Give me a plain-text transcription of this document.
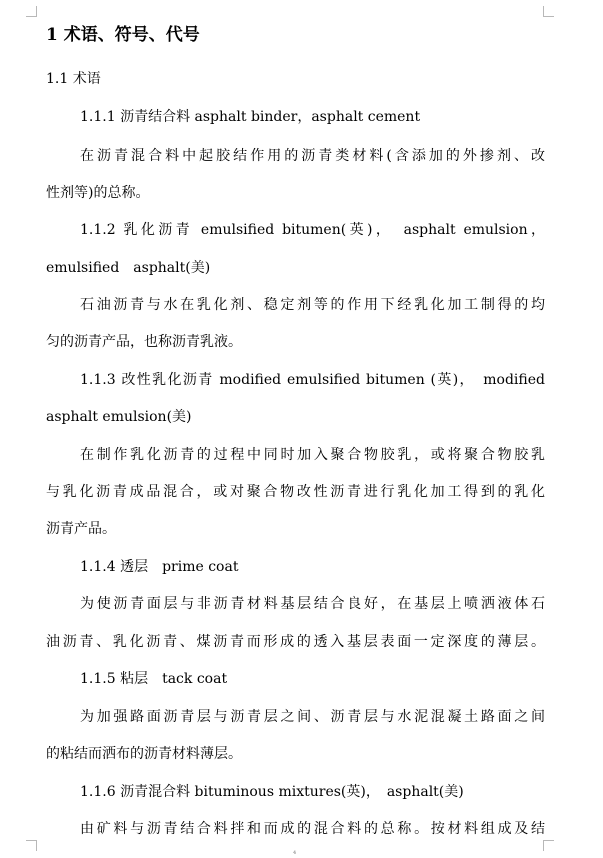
1 术语、符号、代号
1.1 术语
1.1.1 沥青结合料 asphalt binder，asphalt cement
在沥青混合料中起胶结作用的沥青类材料(含添加的外掺剂、改
性剂等)的总称。
1.1.2 乳化沥青 emulsified bitumen(英)，　asphalt emulsion，
emulsified　asphalt(美)
石油沥青与水在乳化剂、稳定剂等的作用下经乳化加工制得的均
匀的沥青产品，也称沥青乳液。
1.1.3 改性乳化沥青 modified emulsified bitumen (英)，　modified
asphalt emulsion(美)
在制作乳化沥青的过程中同时加入聚合物胶乳，或将聚合物胶乳
与乳化沥青成品混合，或对聚合物改性沥青进行乳化加工得到的乳化
沥青产品。
1.1.4 透层　prime coat
为使沥青面层与非沥青材料基层结合良好，在基层上喷洒液体石
油沥青、乳化沥青、煤沥青而形成的透入基层表面一定深度的薄层。
1.1.5 粘层　tack coat
为加强路面沥青层与沥青层之间、沥青层与水泥混凝土路面之间
的粘结而洒布的沥青材料薄层。
1.1.6 沥青混合料 bituminous mixtures(英)，　asphalt(美)
由矿料与沥青结合料拌和而成的混合料的总称。按材料组成及结
4
